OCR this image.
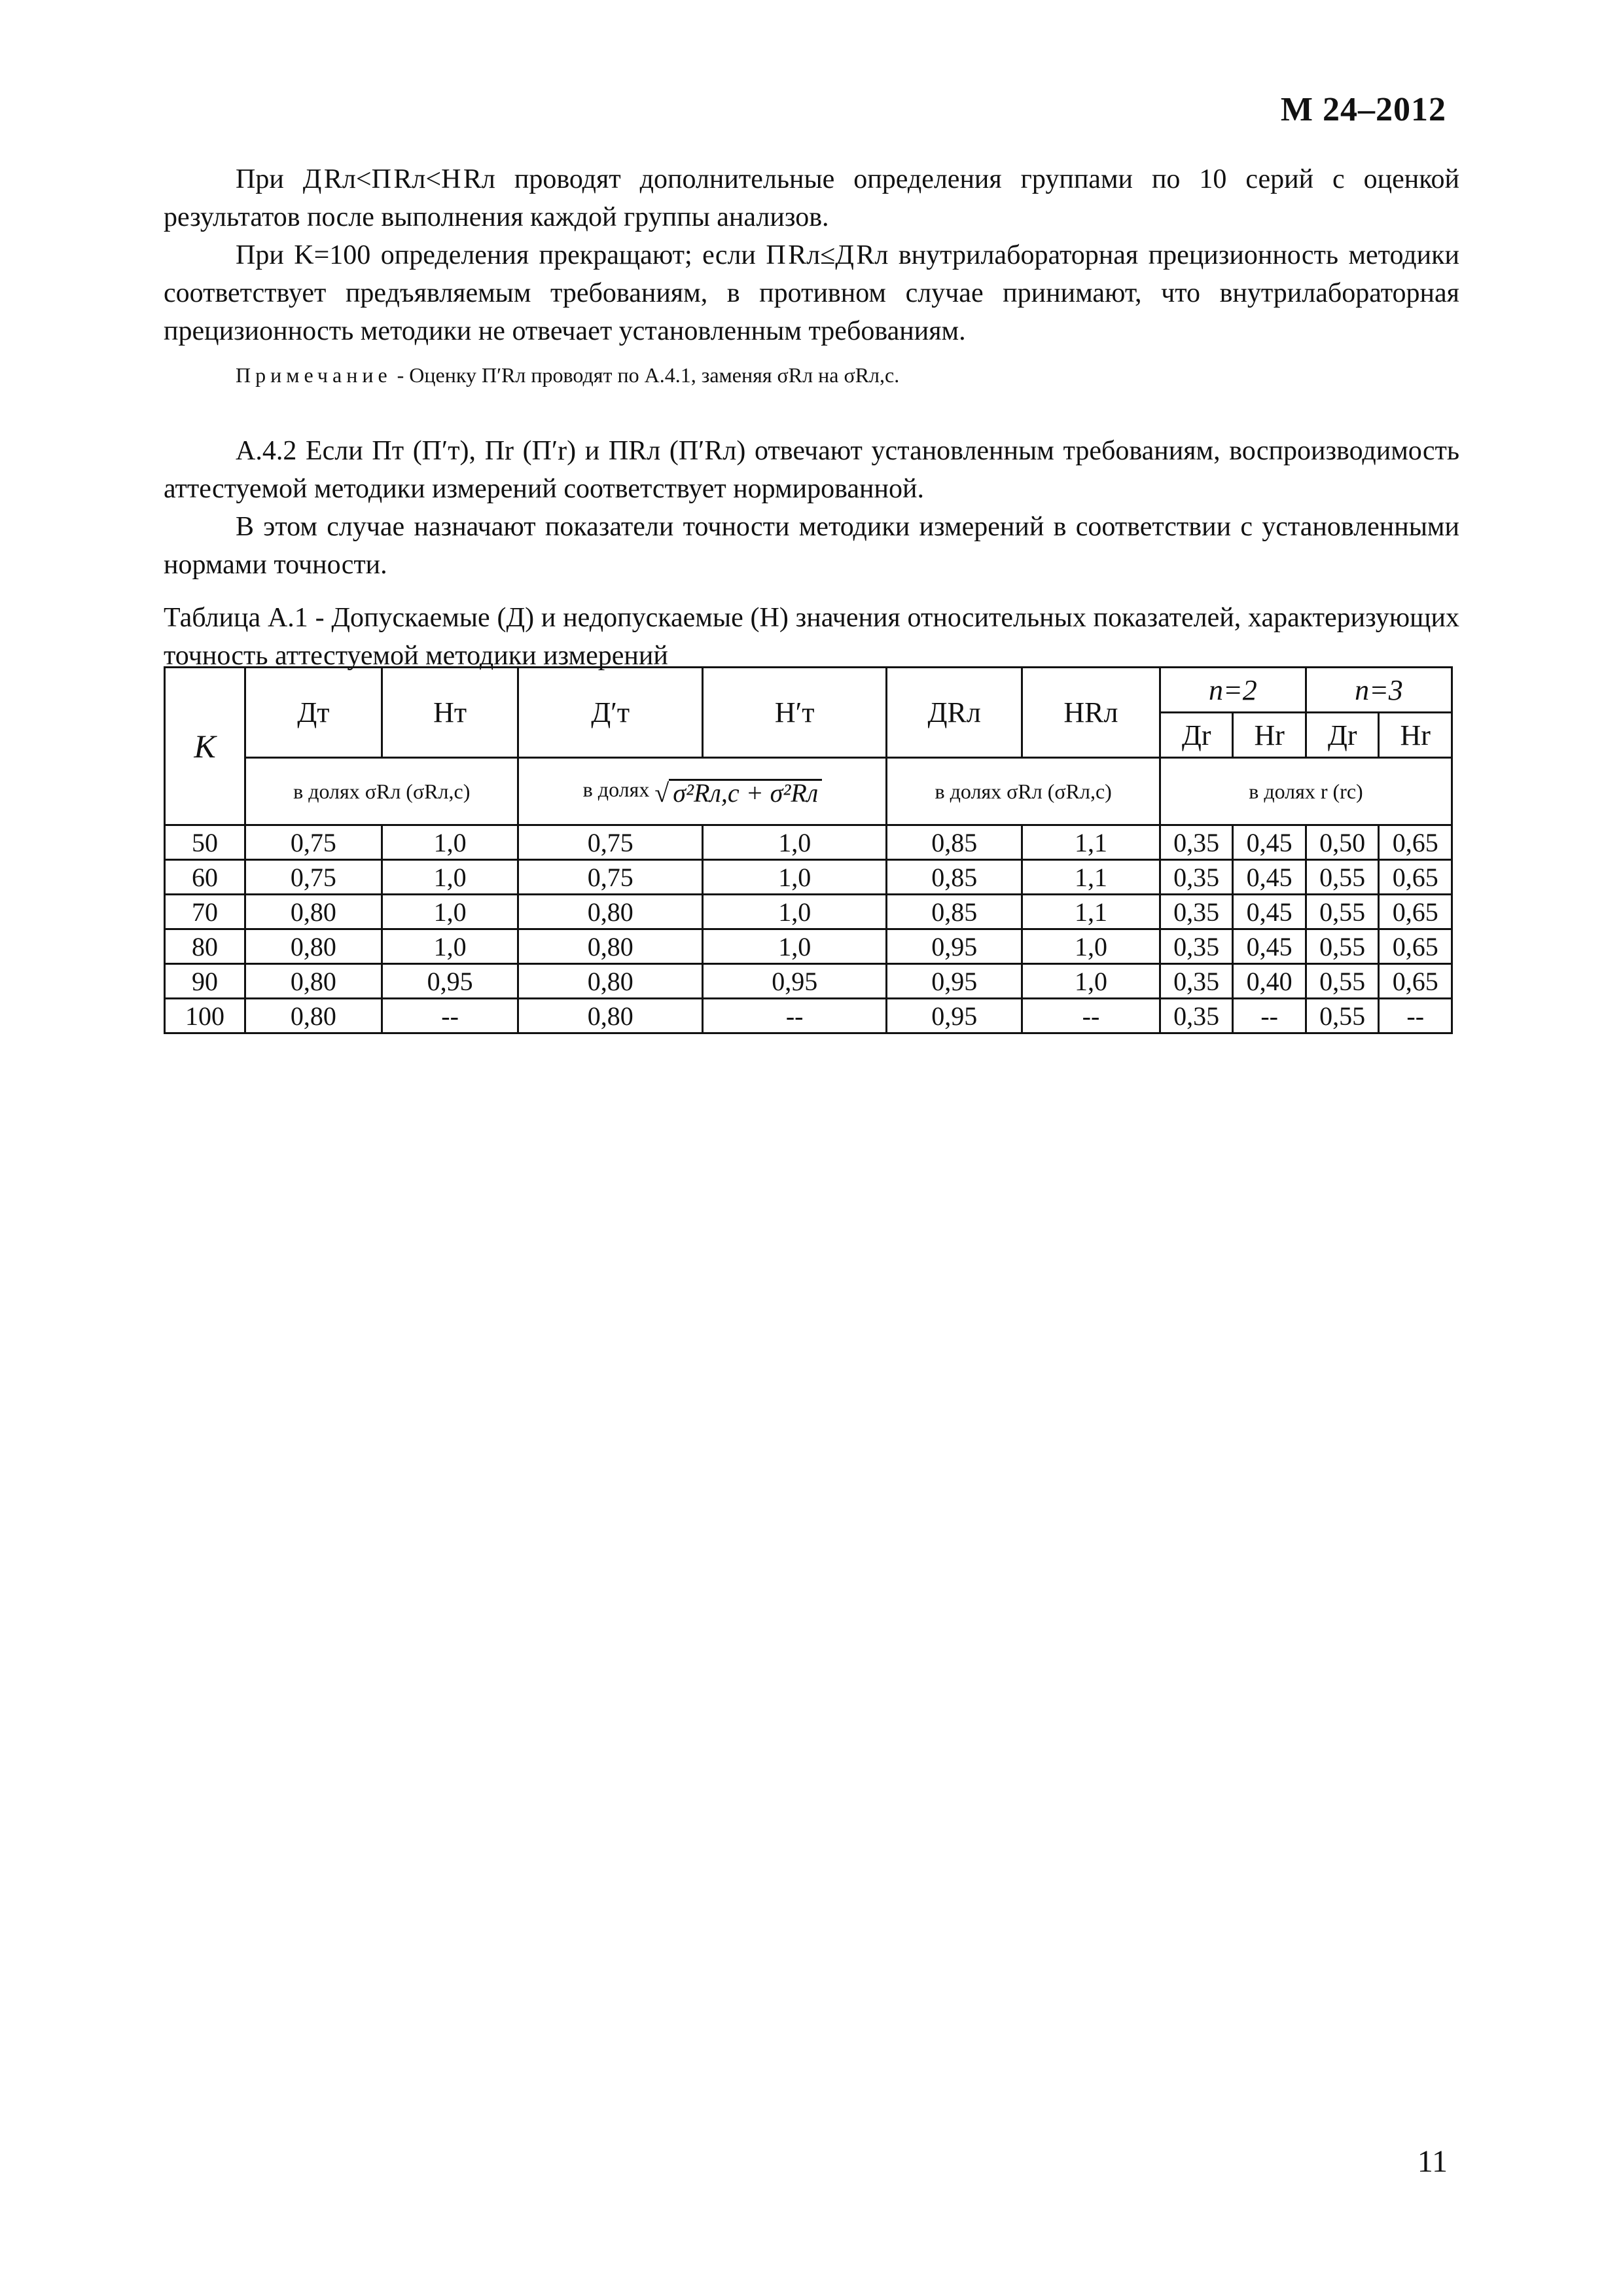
М 24–2012

При Д Rл<П Rл<Н Rл проводят дополнительные определения группами по 10 серий с оценкой результатов после выполнения каждой группы анализов.

При K=100 определения прекращают; если П Rл≤Д Rл внутрилабораторная прецизионность методики соответствует предъявляемым требованиям, в противном случае принимают, что внутрилабораторная прецизионность методики не отвечает установленным требованиям.

Примечание - Оценку П′Rл проводят по А.4.1, заменяя σRл на σRл,с.

А.4.2 Если Пт (П′т), Пr (П′r) и ПRл (П′Rл) отвечают установленным требованиям, воспроизводимость аттестуемой методики измерений соответствует нормированной.

В этом случае назначают показатели точности методики измерений в соответствии с установленными нормами точности.

Таблица А.1 - Допускаемые (Д) и недопускаемые (Н) значения относительных показателей, характеризующих точность аттестуемой методики измерений
K	Дт	Нт	Д′т	Н′т	ДRл	НRл	n=2		n=3	
							Дr	Нr	Дr	Нr
	в долях σRл (σRл,с)		в долях √ σ²Rл,с + σ²Rл		в долях σRл (σRл,с)		в долях r (rс)			
50	0,75	1,0	0,75	1,0	0,85	1,1	0,35	0,45	0,50	0,65
60	0,75	1,0	0,75	1,0	0,85	1,1	0,35	0,45	0,55	0,65
70	0,80	1,0	0,80	1,0	0,85	1,1	0,35	0,45	0,55	0,65
80	0,80	1,0	0,80	1,0	0,95	1,0	0,35	0,45	0,55	0,65
90	0,80	0,95	0,80	0,95	0,95	1,0	0,35	0,40	0,55	0,65
100	0,80	--	0,80	--	0,95	--	0,35	--	0,55	--
11
